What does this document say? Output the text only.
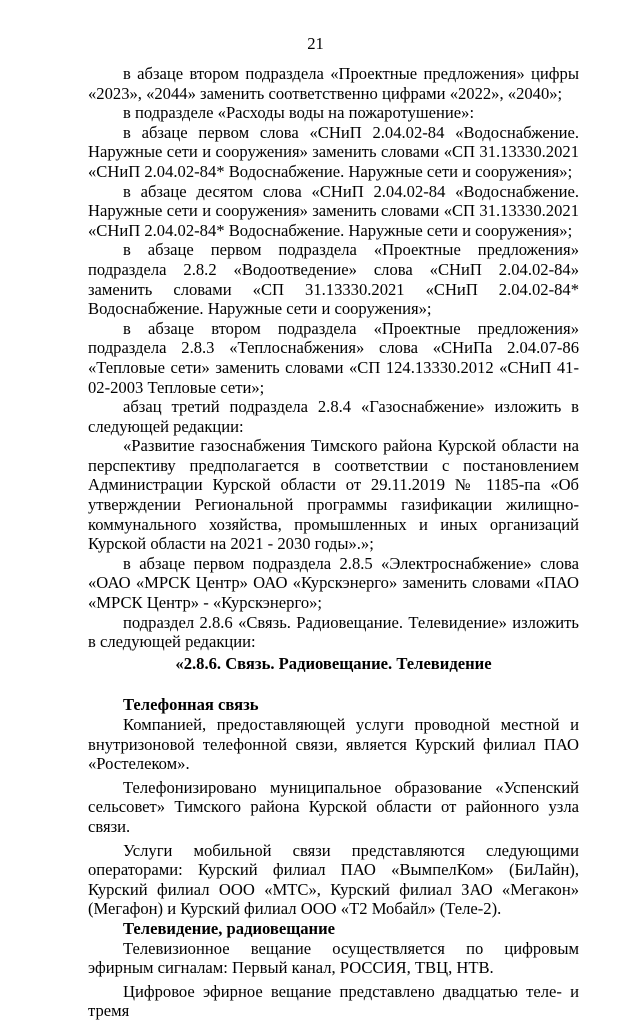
21

в абзаце втором подраздела «Проектные предложения» цифры «2023», «2044» заменить соответственно цифрами «2022», «2040»;

в подразделе «Расходы воды на пожаротушение»:

в абзаце первом слова «СНиП 2.04.02-84 «Водоснабжение. Наружные сети и сооружения» заменить словами «СП 31.13330.2021 «СНиП 2.04.02-84* Водоснабжение. Наружные сети и сооружения»;

в абзаце десятом слова «СНиП 2.04.02-84 «Водоснабжение. Наружные сети и сооружения» заменить словами «СП 31.13330.2021 «СНиП 2.04.02-84* Водоснабжение. Наружные сети и сооружения»;

в абзаце первом подраздела «Проектные предложения» подраздела 2.8.2 «Водоотведение» слова «СНиП 2.04.02-84» заменить словами «СП 31.13330.2021 «СНиП 2.04.02-84* Водоснабжение. Наружные сети и сооружения»;

в абзаце втором подраздела «Проектные предложения» подраздела 2.8.3 «Теплоснабжения» слова «СНиПа 2.04.07-86 «Тепловые сети» заменить словами «СП 124.13330.2012 «СНиП 41-02-2003 Тепловые сети»;

абзац третий подраздела 2.8.4 «Газоснабжение» изложить в следующей редакции:

«Развитие газоснабжения Тимского района Курской области на перспективу предполагается в соответствии с постановлением Администрации Курской области от 29.11.2019 № 1185-па «Об утверждении Региональной программы газификации жилищно-коммунального хозяйства, промышленных и иных организаций Курской области на 2021 - 2030 годы».»;

в абзаце первом подраздела 2.8.5 «Электроснабжение» слова «ОАО «МРСК Центр» ОАО «Курскэнерго» заменить словами «ПАО «МРСК Центр» - «Курскэнерго»;

подраздел 2.8.6 «Связь. Радиовещание. Телевидение» изложить в следующей редакции:

«2.8.6. Связь. Радиовещание. Телевидение

Телефонная связь

Компанией, предоставляющей услуги проводной местной и внутризоновой телефонной связи, является Курский филиал ПАО «Ростелеком».

Телефонизировано муниципальное образование «Успенский сельсовет» Тимского района Курской области от районного узла связи.

Услуги мобильной связи представляются следующими операторами: Курский филиал ПАО «ВымпелКом» (БиЛайн), Курский филиал ООО «МТС», Курский филиал ЗАО «Мегакон» (Мегафон) и Курский филиал ООО «Т2 Мобайл» (Теле-2).

Телевидение, радиовещание

Телевизионное вещание осуществляется по цифровым эфирным сигналам: Первый канал, РОССИЯ, ТВЦ, НТВ.

Цифровое эфирное вещание представлено двадцатью теле- и тремя
